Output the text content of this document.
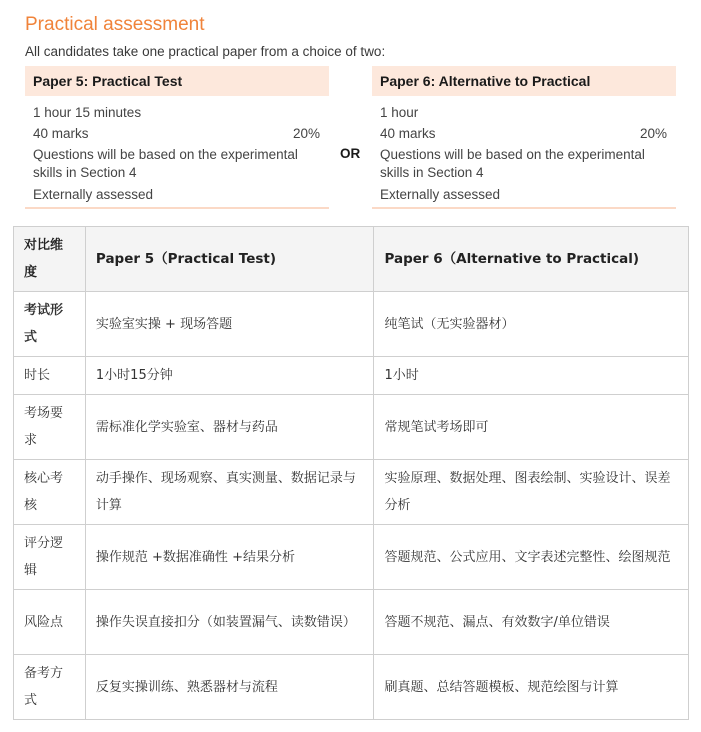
Practical assessment
All candidates take one practical paper from a choice of two:
Paper 5: Practical Test
1 hour 15 minutes
40 marks	20%
Questions will be based on the experimental skills in Section 4
Externally assessed
OR
Paper 6: Alternative to Practical
1 hour
40 marks	20%
Questions will be based on the experimental skills in Section 4
Externally assessed
对比维度	Paper 5（Practical Test)	Paper 6（Alternative to Practical)
考试形式	实验室实操 + 现场答题	纯笔试（无实验器材）
时长	1小时15分钟	1小时
考场要求	需标准化学实验室、器材与药品	常规笔试考场即可
核心考核	动手操作、现场观察、真实测量、数据记录与计算	实验原理、数据处理、图表绘制、实验设计、误差分析
评分逻辑	操作规范 +数据准确性 +结果分析	答题规范、公式应用、文字表述完整性、绘图规范
风险点	操作失误直接扣分（如装置漏气、读数错误）	答题不规范、漏点、有效数字/单位错误
备考方式	反复实操训练、熟悉器材与流程	刷真题、总结答题模板、规范绘图与计算
